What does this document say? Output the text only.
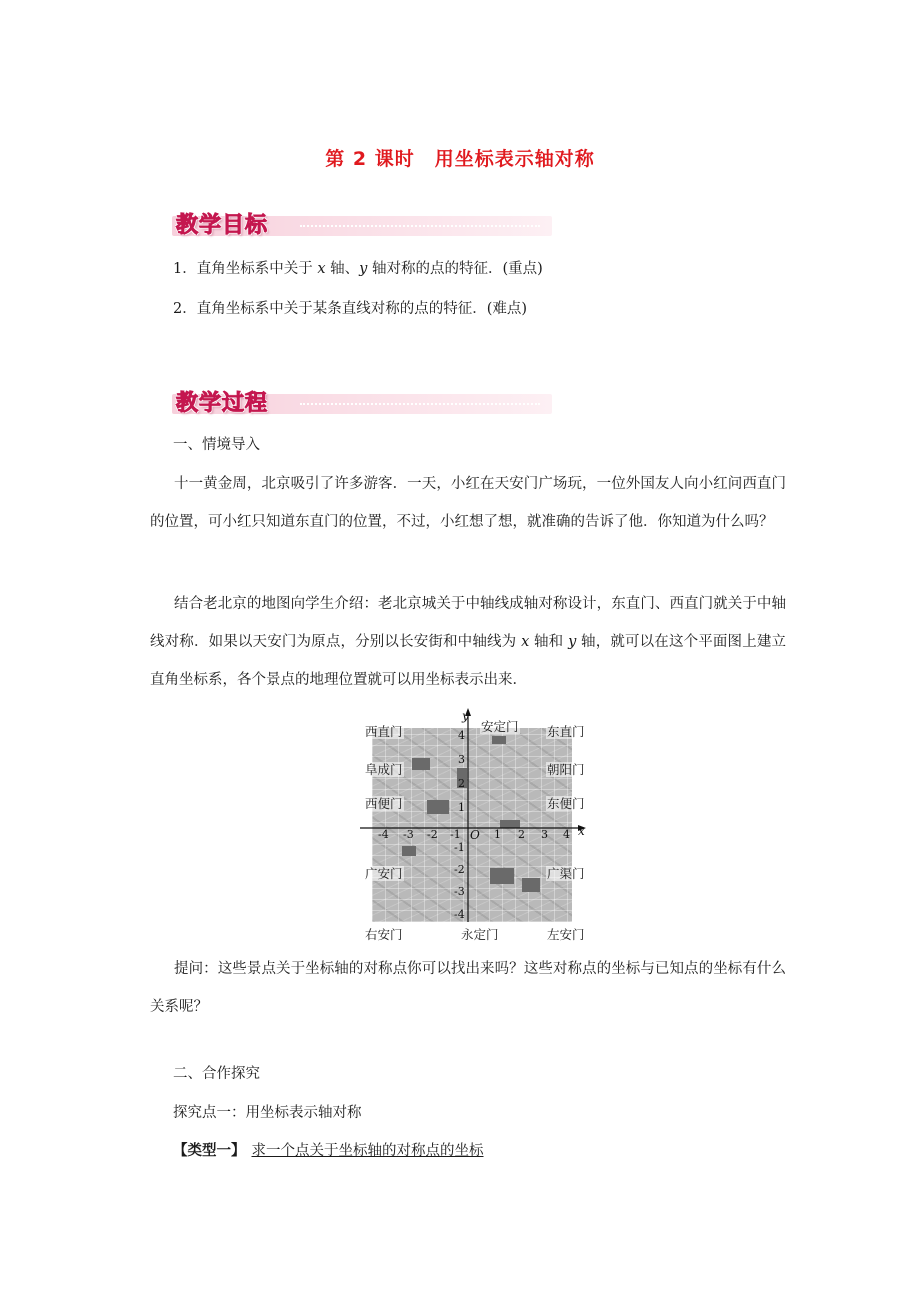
第 2 课时　用坐标表示轴对称
教学目标
1．直角坐标系中关于 x 轴、y 轴对称的点的特征．(重点)
2．直角坐标系中关于某条直线对称的点的特征．(难点)
教学过程
一、情境导入
十一黄金周，北京吸引了许多游客．一天，小红在天安门广场玩，一位外国友人向小红问西直门的位置，可小红只知道东直门的位置，不过，小红想了想，就准确的告诉了他．你知道为什么吗？
结合老北京的地图向学生介绍：老北京城关于中轴线成轴对称设计，东直门、西直门就关于中轴线对称．如果以天安门为原点，分别以长安街和中轴线为 x 轴和 y 轴，就可以在这个平面图上建立直角坐标系，各个景点的地理位置就可以用坐标表示出来．
y
x
O
-4 -3 -2 -1	1 2 3 4
4
3
2
1
-1
-2
-3
-4
西直门	安定门 东直门
阜成门	朝阳门
西便门	东便门
广安门	广渠门
右安门	永定门	左安门
提问：这些景点关于坐标轴的对称点你可以找出来吗？这些对称点的坐标与已知点的坐标有什么关系呢？
二、合作探究
探究点一：用坐标表示轴对称
【类型一】 求一个点关于坐标轴的对称点的坐标
